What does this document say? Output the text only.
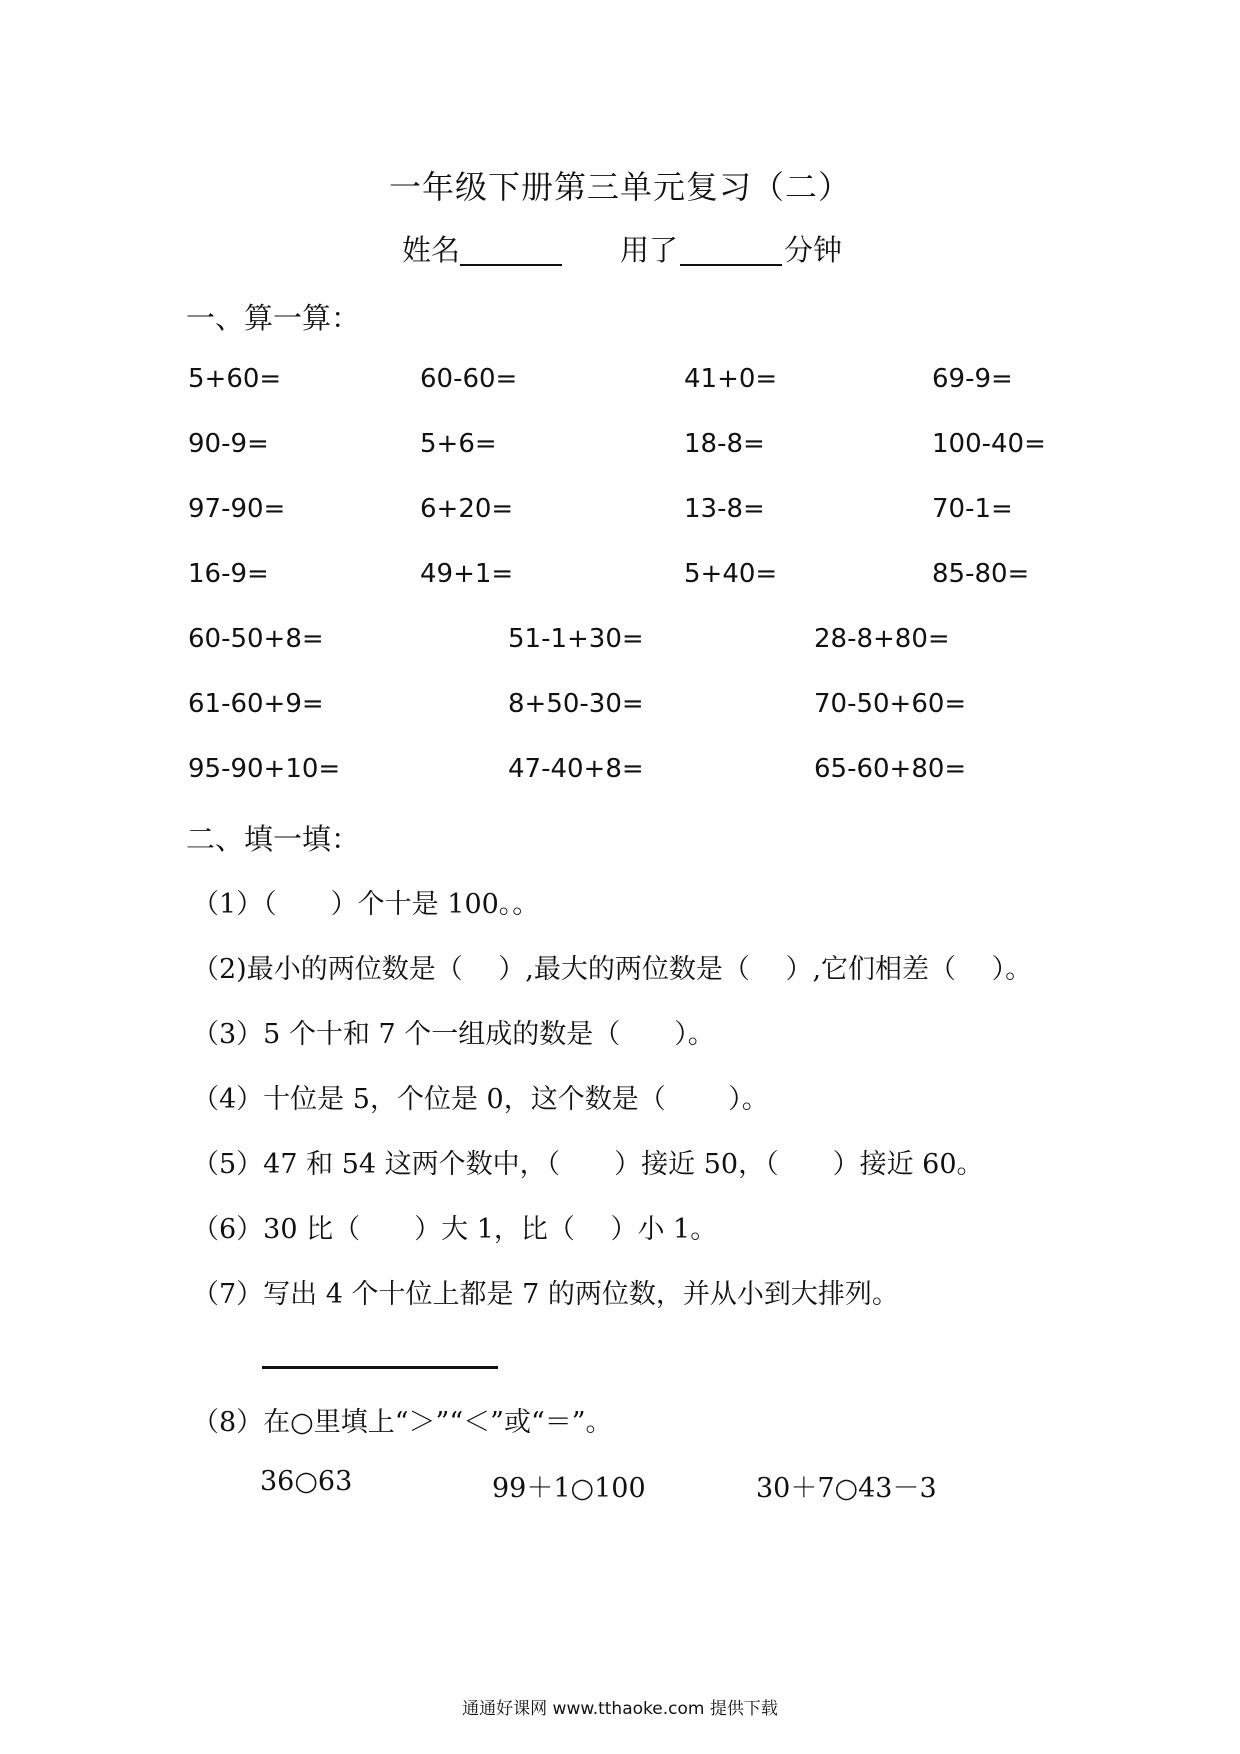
一年级下册第三单元复习（二）
姓名	用了	分钟
一、算一算：
5+60=	60-60=	41+0=	69-9=
90-9=	5+6=	18-8=	100-40=
97-90=	6+20=	13-8=	70-1=
16-9=	49+1=	5+40=	85-80=
60-50+8=	51-1+30=	28-8+80=
61-60+9=	8+50-30=	70-50+60=
95-90+10=	47-40+8=	65-60+80=
二、填一填：
（1）（　　）个十是 100。。
（2)最小的两位数是（　 ）,最大的两位数是（　 ）,它们相差（　 ）。
（3）5 个十和 7 个一组成的数是（　　）。
（4）十位是 5，个位是 0，这个数是（　　 ）。
（5）47 和 54 这两个数中，（　　）接近 50，（　　）接近 60。
（6）30 比（　　）大 1，比（　 ）小 1。
（7）写出 4 个十位上都是 7 的两位数，并从小到大排列。
（8）在○里填上“＞”“＜”或“＝”。
36○63	99＋1○100	30＋7○43－3
通通好课网 www.tthaoke.com 提供下载
